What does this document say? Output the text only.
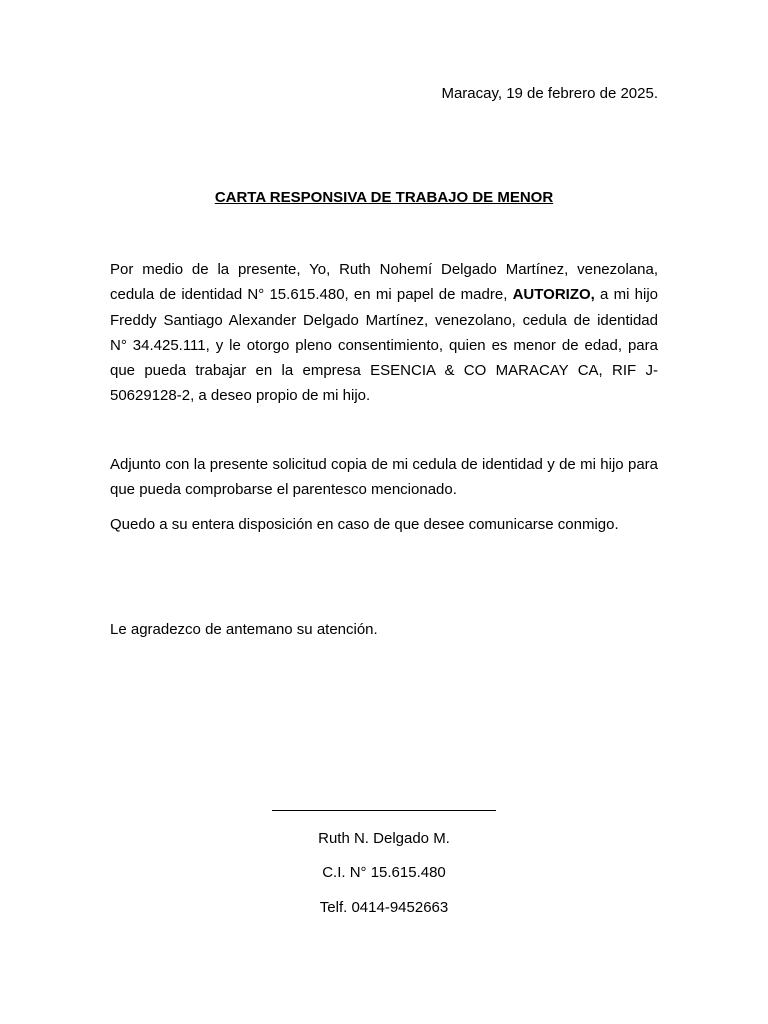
Maracay, 19 de febrero de 2025.
CARTA RESPONSIVA DE TRABAJO DE MENOR

Por medio de la presente, Yo, Ruth Nohemí Delgado Martínez, venezolana, cedula de identidad N° 15.615.480, en mi papel de madre, AUTORIZO, a mi hijo Freddy Santiago Alexander Delgado Martínez, venezolano, cedula de identidad N° 34.425.111, y le otorgo pleno consentimiento, quien es menor de edad, para que pueda trabajar en la empresa ESENCIA & CO MARACAY CA, RIF J-50629128-2, a deseo propio de mi hijo.

Adjunto con la presente solicitud copia de mi cedula de identidad y de mi hijo para que pueda comprobarse el parentesco mencionado.

Quedo a su entera disposición en caso de que desee comunicarse conmigo.

Le agradezco de antemano su atención.

Ruth N. Delgado M.
C.I. N° 15.615.480
Telf. 0414-9452663
